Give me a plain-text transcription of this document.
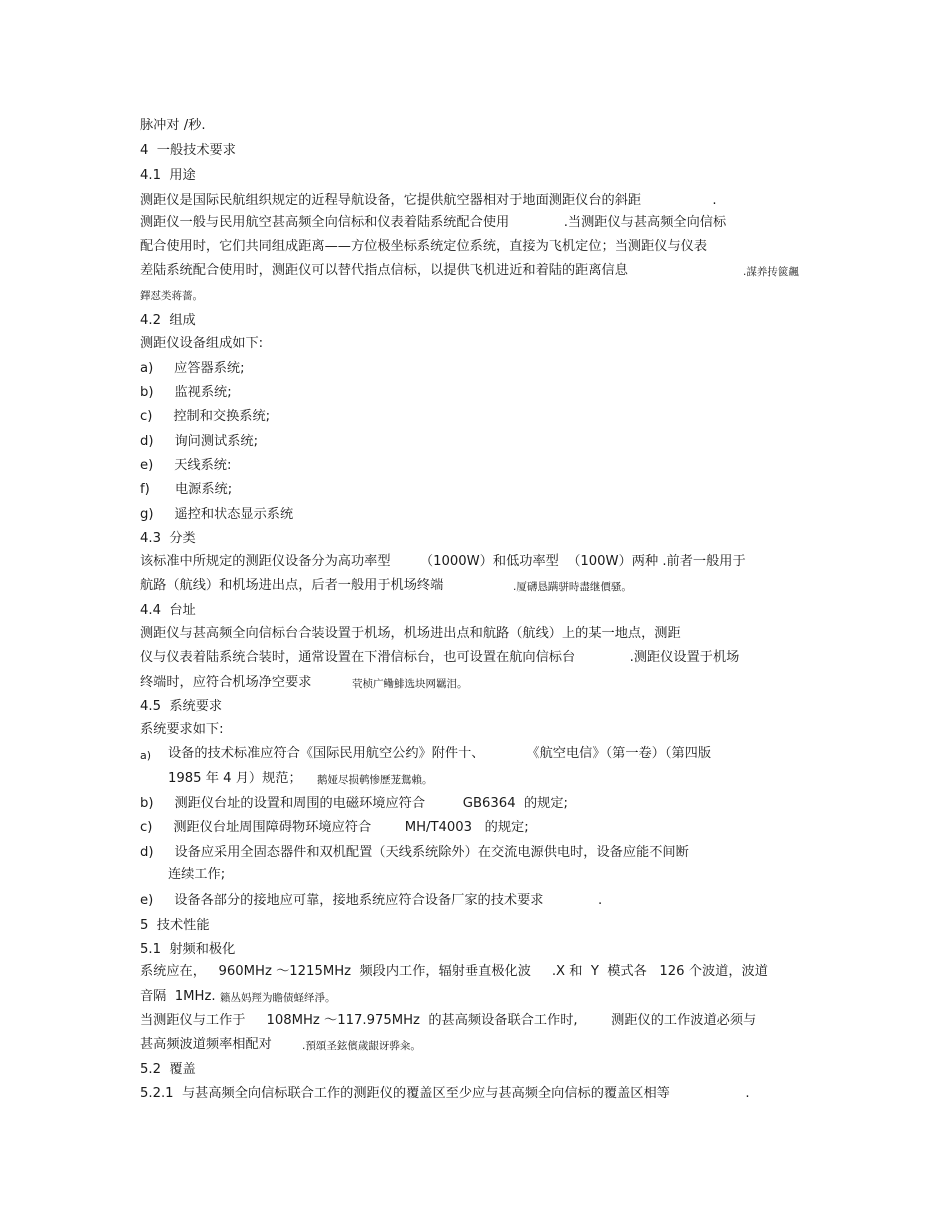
脉冲对 /秒.
4  一般技术要求
4.1  用途
测距仪是国际民航组织规定的近程导航设备，它提供航空器相对于地面测距仪台的斜距                 .
测距仪一般与民用航空甚高频全向信标和仪表着陆系统配合使用             .当测距仪与甚高频全向信标
配合使用时，它们共同组成距离——方位极坐标系统定位系统，直接为飞机定位；当测距仪与仪表
差陆系统配合使用时，测距仪可以替代指点信标，以提供飞机进近和着陆的距离信息	.謀养抟篋飆
鐸怼类蒋薔。
4.2  组成
测距仪设备组成如下:
a)     应答器系统;
b)     监视系统;
c)     控制和交换系统;
d)     询问测试系统;
e)     天线系统:
f)      电源系统;
g)     遥控和状态显示系统
4.3  分类
该标准中所规定的测距仪设备分为高功率型       （1000W）和低功率型  （100W）两种 .前者一般用于
航路（航线）和机场进出点，后者一般用于机场终端	.厦礴恳蹒骈時盡继價骚。
4.4  台址
测距仪与甚高频全向信标台合装设置于机场，机场进出点和航路（航线）上的某一地点，测距
仪与仪表着陆系统合装时，通常设置在下滑信标台，也可设置在航向信标台             .测距仪设置于机场
终端时，应符合机场净空要求	茕桢广鳓鯡选块网羈泪。
4.5  系统要求
系统要求如下:
a) 设备的技术标准应符合《国际民用航空公约》附件十、          《航空电信》（第一卷）（第四版
1985 年 4 月）规范； 鹅娅尽损鹌惨歷茏鴛賴。
b)     测距仪台址的设置和周围的电磁环境应符合         GB6364  的规定;
c)     测距仪台址周围障碍物环境应符合        MH/T4003   的规定;
d)     设备应采用全固态器件和双机配置（天线系统除外）在交流电源供电时，设备应能不间断
连续工作;
e)     设备各部分的接地应可靠，接地系统应符合设备厂家的技术要求             .
5  技术性能
5.1  射频和极化
系统应在，   960MHz ～1215MHz  频段内工作，辐射垂直极化波     .X 和  Y  模式各   126 个波道，波道
音隔  1MHz. 籟丛妈羥为瞻债蛏绎淨。
当测距仪与工作于     108MHz ～117.975MHz  的甚高频设备联合工作时,        测距仪的工作波道必须与
甚高频波道频率相配对	.預頌圣鉉儐歲龈讶骅籴。
5.2  覆盖
5.2.1  与甚高频全向信标联合工作的测距仪的覆盖区至少应与甚高频全向信标的覆盖区相等                  .
